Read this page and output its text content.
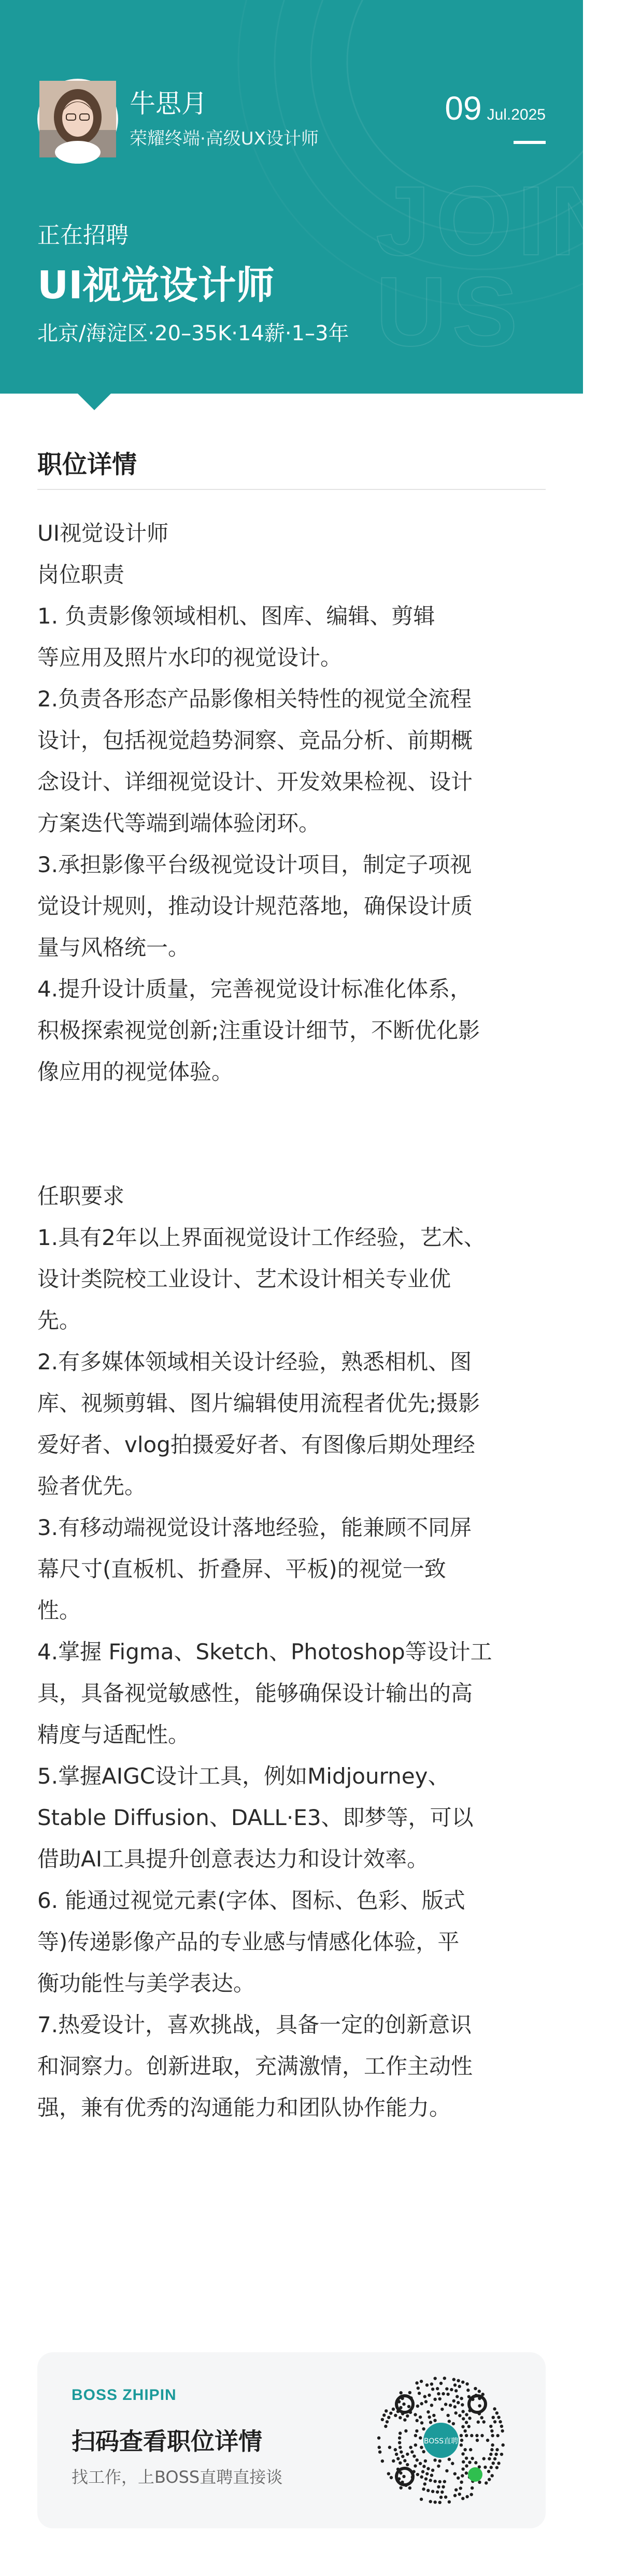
JOIN US
牛思月
荣耀终端·高级UX设计师
09 Jul.2025
正在招聘
UI视觉设计师
北京/海淀区·20–35K·14薪·1–3年
职位详情
UI视觉设计师
岗位职责
1. 负责影像领域相机、图库、编辑、剪辑
等应用及照片水印的视觉设计。
2.负责各形态产品影像相关特性的视觉全流程
设计，包括视觉趋势洞察、竞品分析、前期概
念设计、详细视觉设计、开发效果检视、设计
方案迭代等端到端体验闭环。
3.承担影像平台级视觉设计项目，制定子项视
觉设计规则，推动设计规范落地，确保设计质
量与风格统一。
4.提升设计质量，完善视觉设计标准化体系，
积极探索视觉创新;注重设计细节，不断优化影
像应用的视觉体验。

任职要求
1.具有2年以上界面视觉设计工作经验，艺术、
设计类院校工业设计、艺术设计相关专业优
先。
2.有多媒体领域相关设计经验，熟悉相机、图
库、视频剪辑、图片编辑使用流程者优先;摄影
爱好者、vlog拍摄爱好者、有图像后期处理经
验者优先。
3.有移动端视觉设计落地经验，能兼顾不同屏
幕尺寸(直板机、折叠屏、平板)的视觉一致
性。
4.掌握 Figma、Sketch、Photoshop等设计工
具，具备视觉敏感性，能够确保设计输出的高
精度与适配性。
5.掌握AIGC设计工具，例如Midjourney、
Stable Diffusion、DALL·E3、即梦等，可以
借助AI工具提升创意表达力和设计效率。
6. 能通过视觉元素(字体、图标、色彩、版式
等)传递影像产品的专业感与情感化体验，平
衡功能性与美学表达。
7.热爱设计，喜欢挑战，具备一定的创新意识
和洞察力。创新进取，充满激情，工作主动性
强，兼有优秀的沟通能力和团队协作能力。
BOSS ZHIPIN
扫码查看职位详情
找工作，上BOSS直聘直接谈
BOSS直聘
